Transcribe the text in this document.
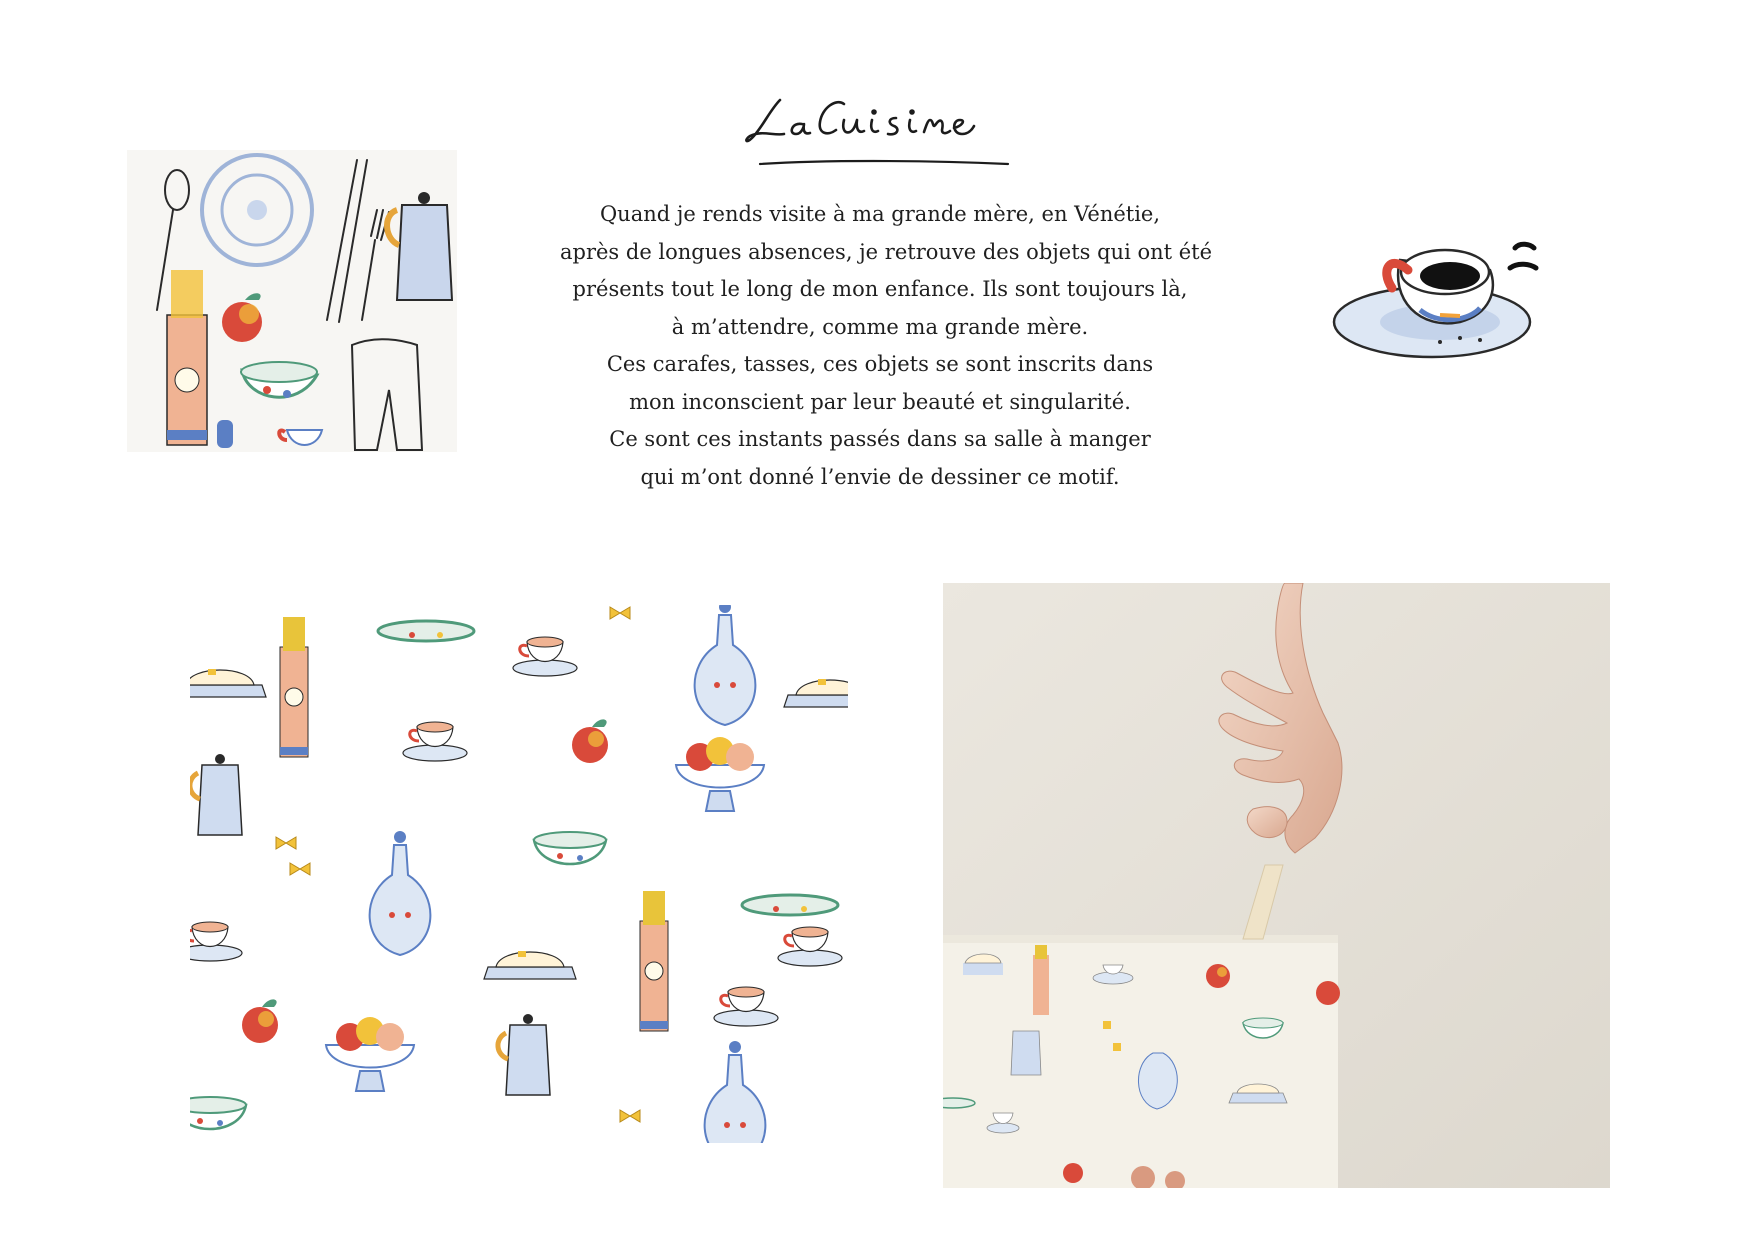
Quand je rends visite à ma grande mère, en Vénétie,
après de longues absences, je retrouve des objets qui ont été
présents tout le long de mon enfance. Ils sont toujours là,
à m’attendre, comme ma grande mère.
Ces carafes, tasses, ces objets se sont inscrits dans
mon inconscient par leur beauté et singularité.
Ce sont ces instants passés dans sa salle à manger
qui m’ont donné l’envie de dessiner ce motif.
